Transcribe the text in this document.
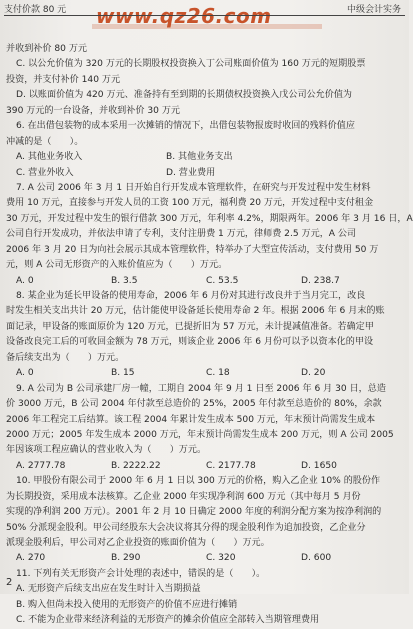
支付价款 80 元	中级会计实务
www.qz26.com
并收到补价 80 万元
C. 以公允价值为 320 万元的长期股权投资换入丁公司账面价值为 160 万元的短期股票
投资，并支付补价 140 万元
D. 以账面价值为 420 万元、准备持有至到期的长期债权投资换入戊公司公允价值为
390 万元的一台设备，并收到补价 30 万元
6. 在出借包装物的成本采用一次摊销的情况下，出借包装物报废时收回的残料价值应
冲减的是（　　）。
A. 其他业务收入	B. 其他业务支出
C. 营业外收入	D. 营业费用
7. A 公司 2006 年 3 月 1 日开始自行开发成本管理软件，在研究与开发过程中发生材料
费用 10 万元，直接参与开发人员的工资 100 万元，福利费 20 万元，开发过程中支付租金
30 万元，开发过程中发生的银行借款 300 万元，年利率 4.2%，期限两年。2006 年 3 月 16 日，A
公司自行开发成功，并依法申请了专利，支付注册费 1 万元，律师费 2.5 万元，A 公司
2006 年 3 月 20 日为向社会展示其成本管理软件，特举办了大型宣传活动，支付费用 50 万
元，则 A 公司无形资产的入账价值应为（　　）万元。
A. 0	B. 3.5	C. 53.5	D. 238.7
8. 某企业为延长甲设备的使用寿命，2006 年 6 月份对其进行改良并于当月完工，改良
时发生相关支出共计 20 万元，估计能使甲设备延长使用寿命 2 年。根据 2006 年 6 月末的账
面记录，甲设备的账面原价为 120 万元，已提折旧为 57 万元，未计提减值准备。若确定甲
设备改良完工后的可收回金额为 78 万元，则该企业 2006 年 6 月份可以予以资本化的甲设
备后续支出为（　　）万元。
A. 0	B. 15	C. 18	D. 20
9. A 公司为 B 公司承建厂房一幢，工期自 2004 年 9 月 1 日至 2006 年 6 月 30 日，总造
价 3000 万元，B 公司 2004 年付款至总造价的 25%，2005 年付款至总造价的 80%，余款
2006 年工程完工后结算。该工程 2004 年累计发生成本 500 万元，年末预计尚需发生成本
2000 万元；2005 年发生成本 2000 万元，年末预计尚需发生成本 200 万元，则 A 公司 2005
年因该项工程应确认的营业收入为（　　）万元。
A. 2777.78	B. 2222.22	C. 2177.78	D. 1650
10. 甲股份有限公司于 2000 年 6 月 1 日以 300 万元的价格，购入乙企业 10% 的股份作
为长期投资，采用成本法核算。乙企业 2000 年实现净利润 600 万元（其中每月 5 月份
实现的净利润 200 万元）。2001 年 2 月 10 日确定 2000 年度的利润分配方案为按净利润的
50% 分派现金股利。甲公司经股东大会决议将其分得的现金股利作为追加投资，乙企业分
派现金股利后，甲公司对乙企业投资的账面价值为（　　）万元。
A. 270	B. 290	C. 320	D. 600
11. 下列有关无形资产会计处理的表述中，错误的是（　　）。
A. 无形资产后续支出应在发生时计入当期损益
B. 购入但尚未投入使用的无形资产的价值不应进行摊销
C. 不能为企业带来经济利益的无形资产的摊余价值应全部转入当期管理费用
2
